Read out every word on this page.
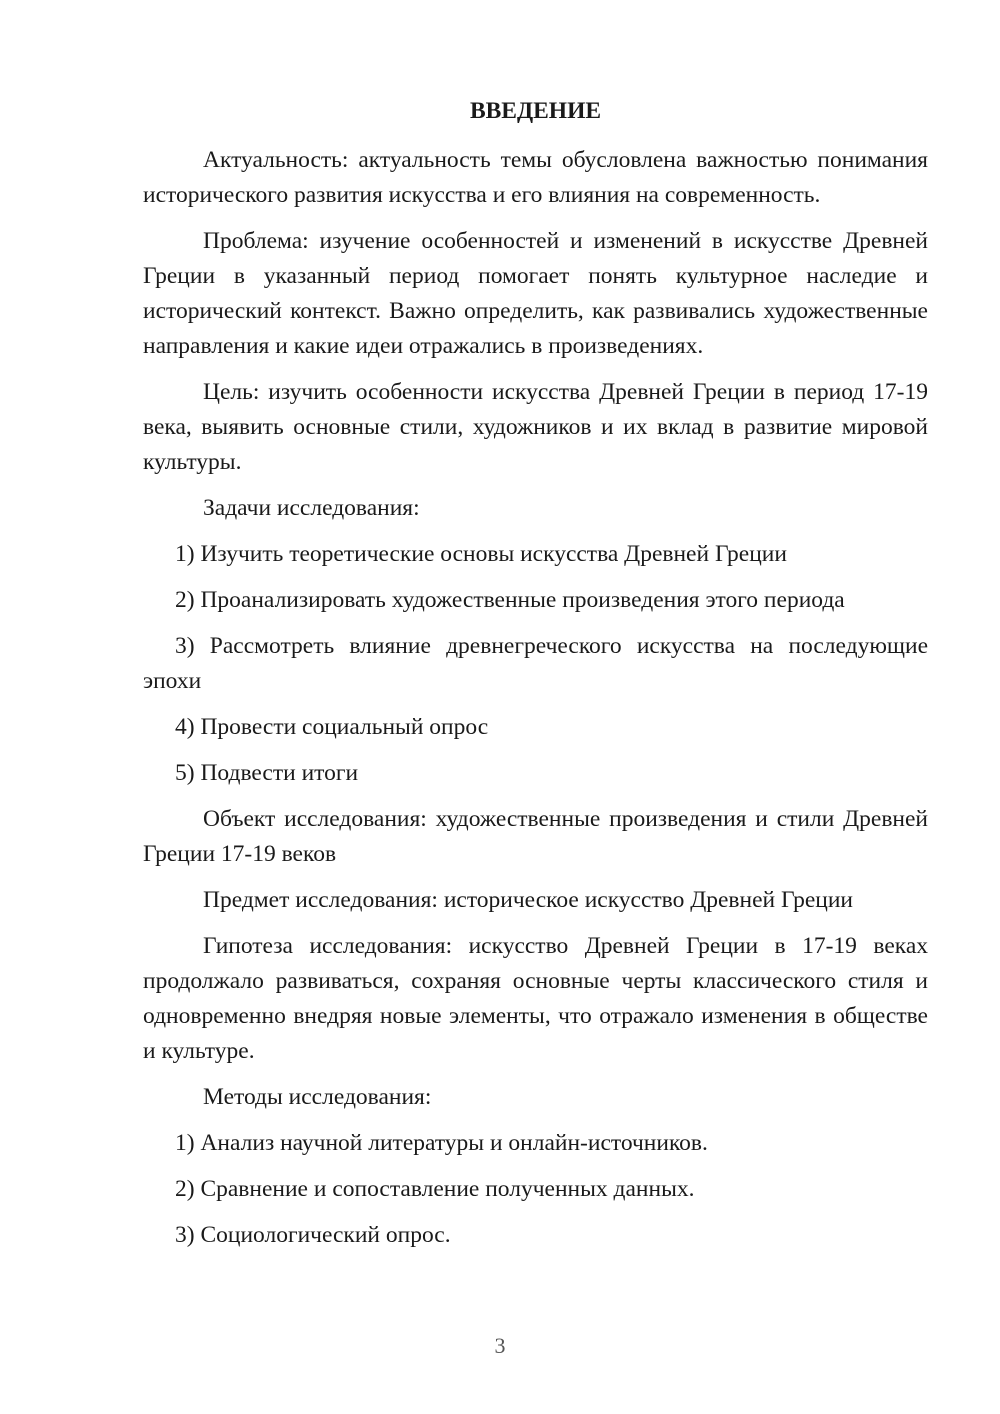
ВВЕДЕНИЕ

Актуальность: актуальность темы обусловлена важностью понимания исторического развития искусства и его влияния на современность.

Проблема: изучение особенностей и изменений в искусстве Древней Греции в указанный период помогает понять культурное наследие и исторический контекст. Важно определить, как развивались художественные направления и какие идеи отражались в произведениях.

Цель: изучить особенности искусства Древней Греции в период 17-19 века, выявить основные стили, художников и их вклад в развитие мировой культуры.

Задачи исследования:

1) Изучить теоретические основы искусства Древней Греции

2) Проанализировать художественные произведения этого периода

3) Рассмотреть влияние древнегреческого искусства на последующие эпохи

4) Провести социальный опрос

5) Подвести итоги

Объект исследования: художественные произведения и стили Древней Греции 17-19 веков

Предмет исследования: историческое искусство Древней Греции

Гипотеза исследования: искусство Древней Греции в 17-19 веках продолжало развиваться, сохраняя основные черты классического стиля и одновременно внедряя новые элементы, что отражало изменения в обществе и культуре.

Методы исследования:

1) Анализ научной литературы и онлайн-источников.

2) Сравнение и сопоставление полученных данных.

3) Социологический опрос.

3
